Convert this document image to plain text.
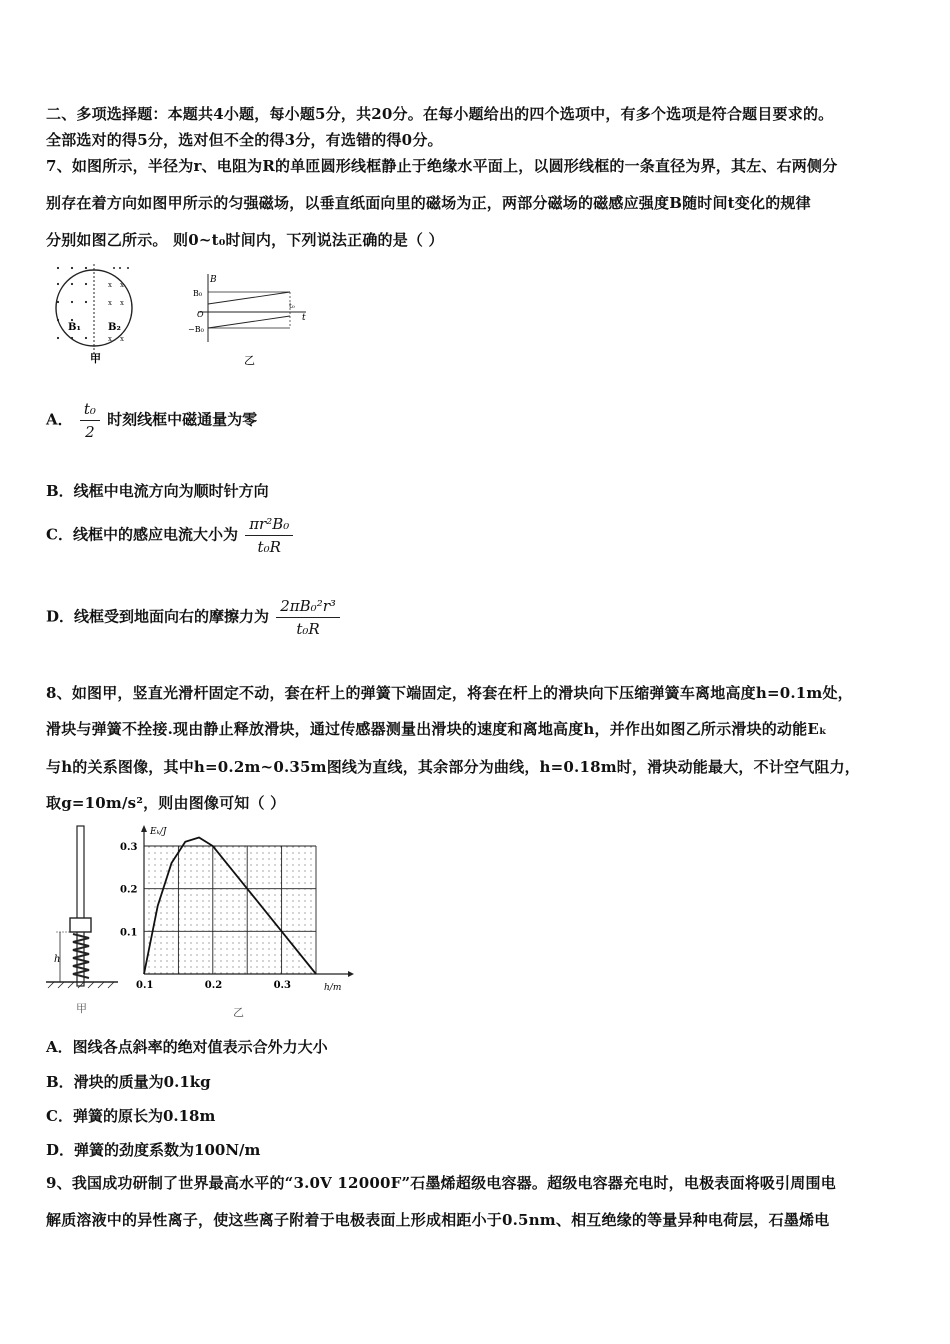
二、多项选择题：本题共4小题，每小题5分，共20分。在每小题给出的四个选项中，有多个选项是符合题目要求的。
全部选对的得5分，选对但不全的得3分，有选错的得0分。
7、如图所示，半径为r、电阻为R的单匝圆形线框静止于绝缘水平面上，以圆形线框的一条直径为界，其左、右两侧分
别存在着方向如图甲所示的匀强磁场，以垂直纸面向里的磁场为正，两部分磁场的磁感应强度B随时间t变化的规律
分别如图乙所示。 则0~t₀时间内，下列说法正确的是（ ）
x x
x x
x x
B₁	B₂
甲
B
t
B₀
−B₀
O
t₀
乙
A． $\frac{\text{t₀}}{2}$ 时刻线框中磁通量为零
B．线框中电流方向为顺时针方向
C．线框中的感应电流大小为 $\frac{\text{πr²B₀}}{\text{t₀R}}$
D．线框受到地面向右的摩擦力为 $\frac{\text{2πB₀²r³}}{\text{t₀R}}$
8、如图甲，竖直光滑杆固定不动，套在杆上的弹簧下端固定，将套在杆上的滑块向下压缩弹簧车离地高度h=0.1m处，
滑块与弹簧不拴接.现由静止释放滑块，通过传感器测量出滑块的速度和离地高度h，并作出如图乙所示滑块的动能Eₖ
与h的关系图像，其中h=0.2m~0.35m图线为直线，其余部分为曲线，h=0.18m时，滑块动能最大，不计空气阻力，
取g=10m/s²，则由图像可知（ ）
h
甲
Eₖ/J
h/m
0.1	0.2	0.3
0.1
0.2
0.3
乙
A．图线各点斜率的绝对值表示合外力大小
B．滑块的质量为0.1kg
C．弹簧的原长为0.18m
D．弹簧的劲度系数为100N/m
9、我国成功研制了世界最高水平的“3.0V 12000F”石墨烯超级电容器。超级电容器充电时，电极表面将吸引周围电
解质溶液中的异性离子，使这些离子附着于电极表面上形成相距小于0.5nm、相互绝缘的等量异种电荷层，石墨烯电
